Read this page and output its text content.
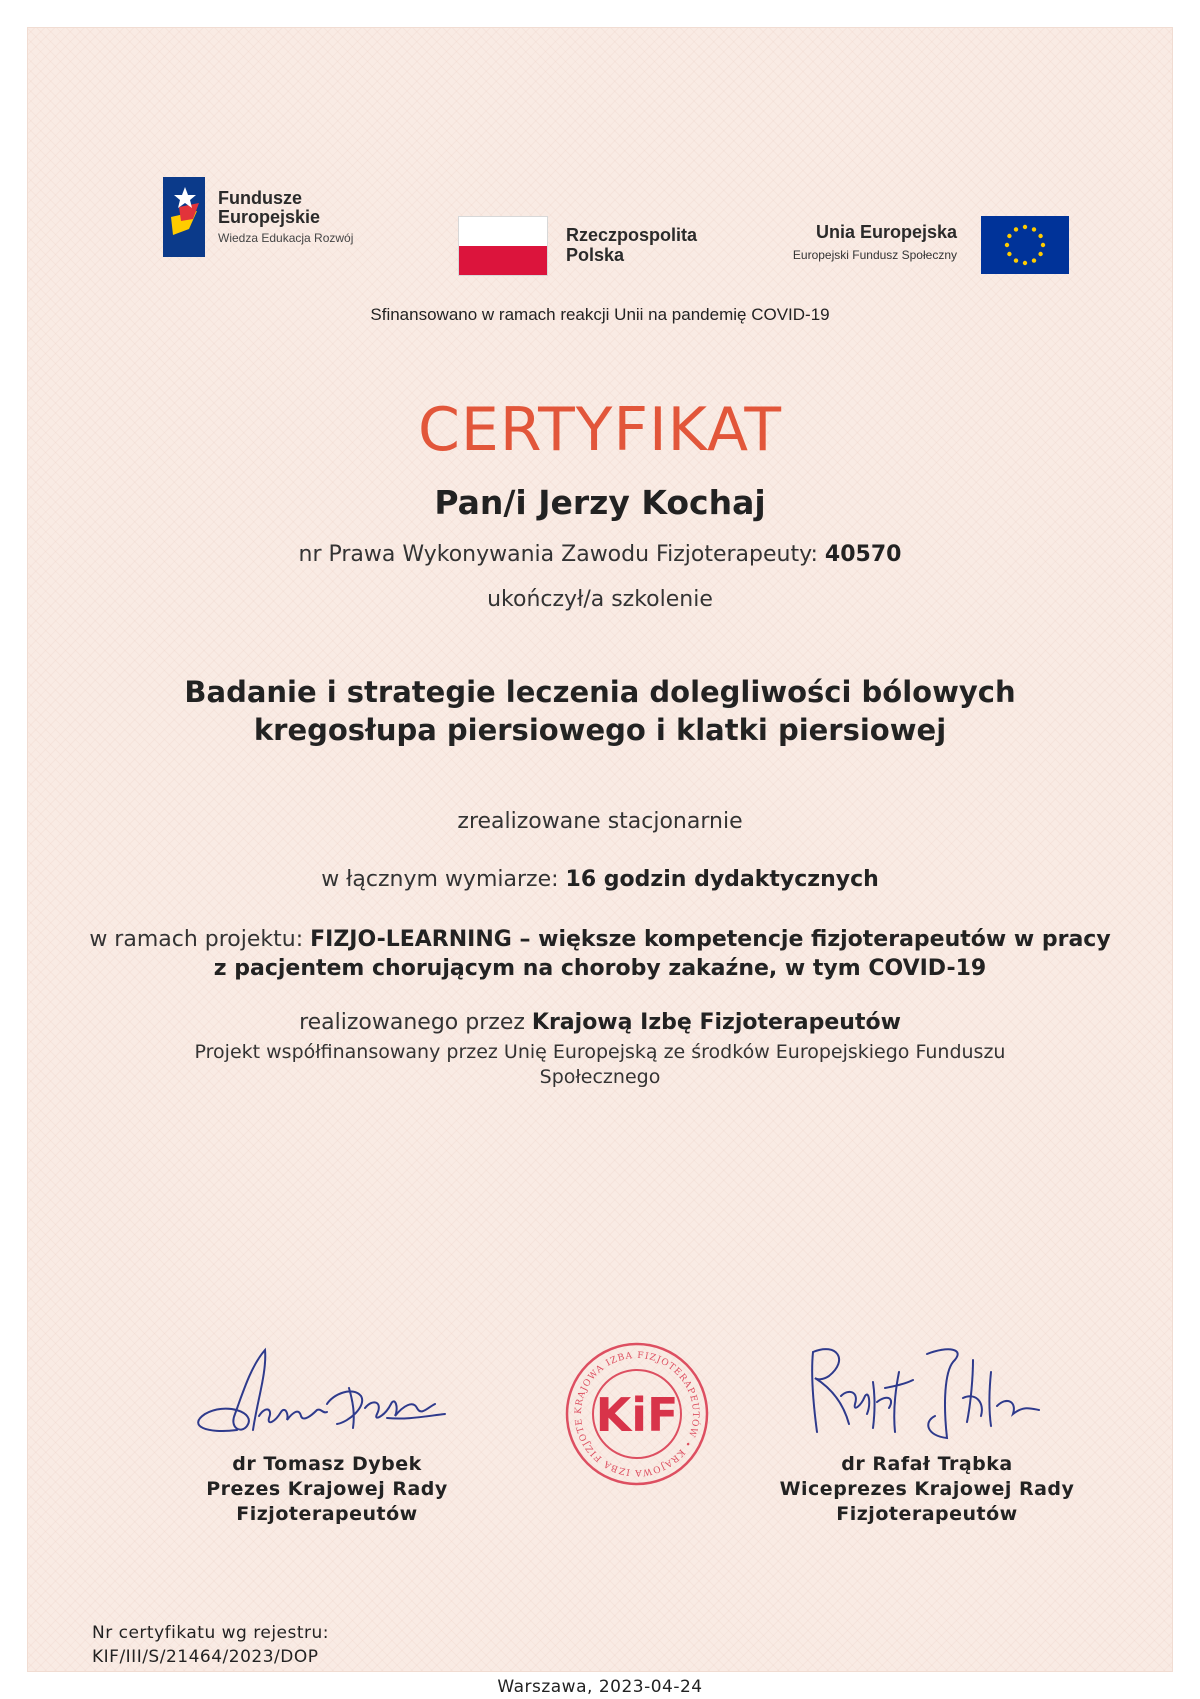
Fundusze
Europejskie
Wiedza Edukacja Rozwój	Rzeczpospolita
Polska
Unia Europejska
Europejski Fundusz Społeczny
Sfinansowano w ramach reakcji Unii na pandemię COVID-19
CERTYFIKAT
Pan/i Jerzy Kochaj
nr Prawa Wykonywania Zawodu Fizjoterapeuty: 40570
ukończył/a szkolenie
Badanie i strategie leczenia dolegliwości bólowych
kregosłupa piersiowego i klatki piersiowej
zrealizowane stacjonarnie
w łącznym wymiarze: 16 godzin dydaktycznych
w ramach projektu: FIZJO-LEARNING – większe kompetencje fizjoterapeutów w pracy z pacjentem chorującym na choroby zakaźne, w tym COVID-19
realizowanego przez Krajową Izbę Fizjoterapeutów
Projekt współfinansowany przez Unię Europejską ze środków Europejskiego Funduszu Społecznego
dr Tomasz Dybek
Prezes Krajowej Rady
Fizjoterapeutów
KRAJOWA IZBA FIZJOTERAPEUTÓW • KRAJOWA IZBA FIZJOTE KiF
dr Rafał Trąbka
Wiceprezes Krajowej Rady
Fizjoterapeutów
Nr certyfikatu wg rejestru:
KIF/III/S/21464/2023/DOP
Warszawa, 2023-04-24
